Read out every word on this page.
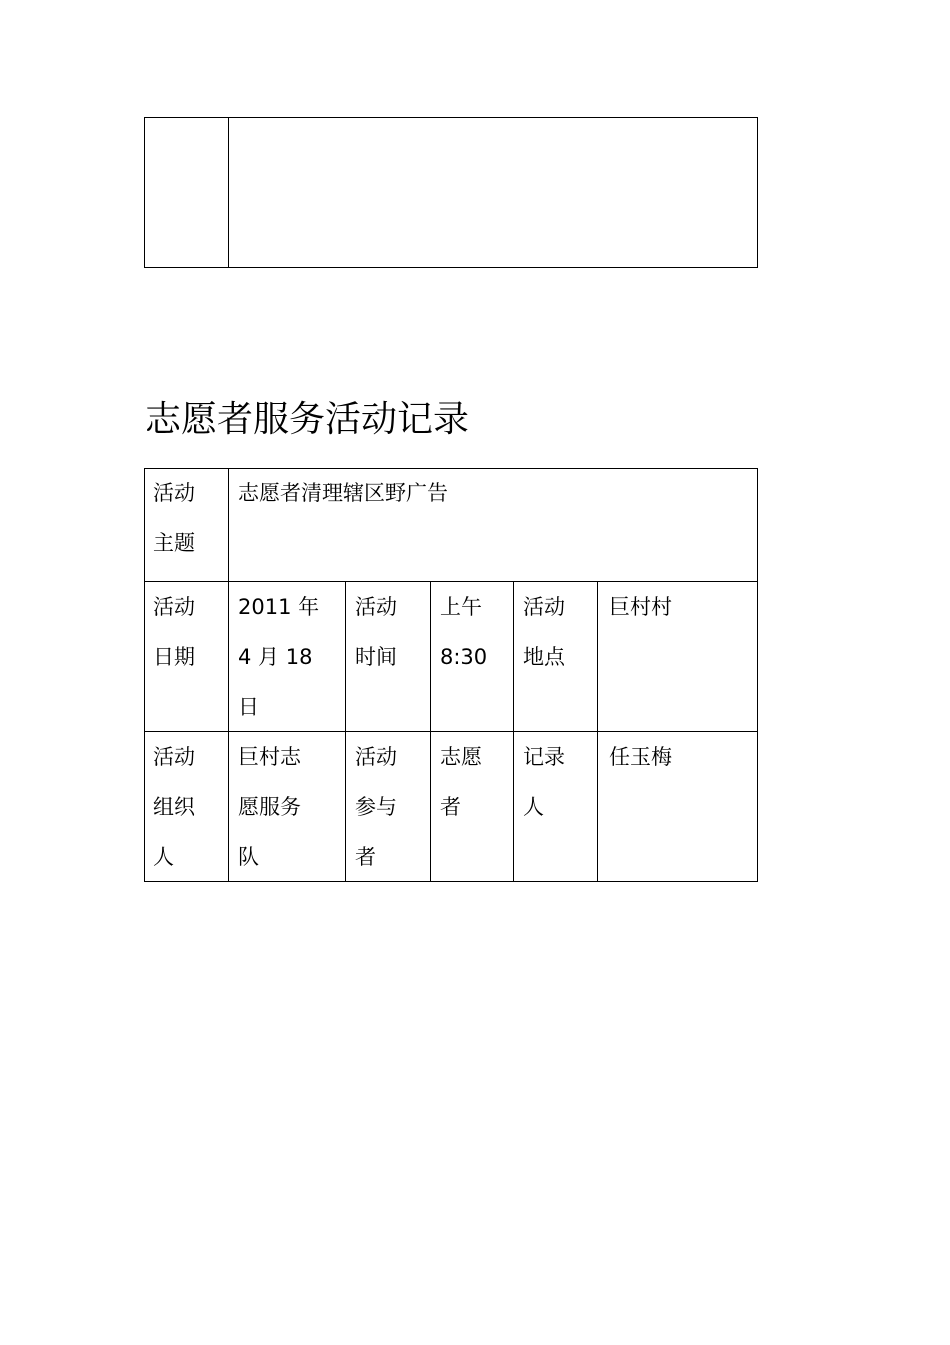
志愿者服务活动记录
活动
主题
志愿者清理辖区野广告
活动
日期
2011 年
4 月 18
日
活动
时间
上午
8:30
活动
地点
巨村村
活动
组织
人
巨村志
愿服务
队
活动
参与
者
志愿
者
记录
人
任玉梅
